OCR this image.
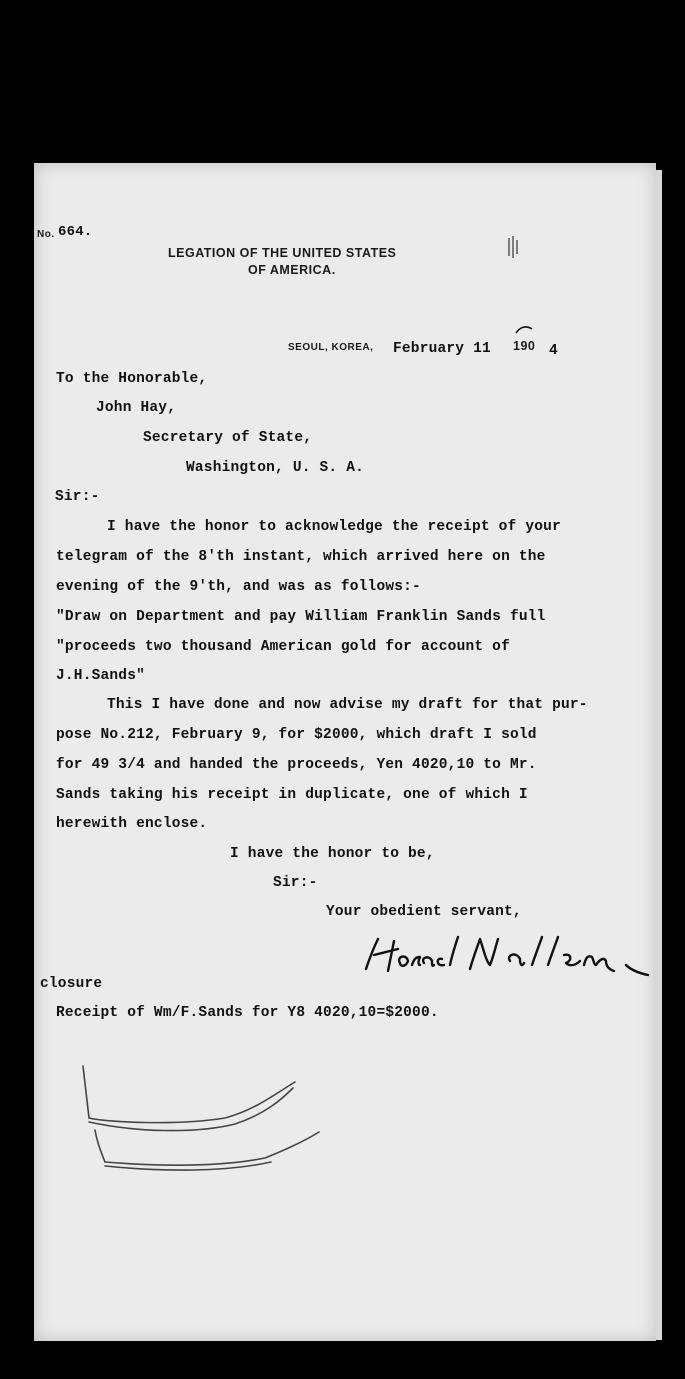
No. 664.
LEGATION OF THE UNITED STATES
OF AMERICA.
SEOUL, KOREA, February 11 190 4
To the Honorable,
John Hay,
Secretary of State,
Washington, U. S. A.
Sir:-
I have the honor to acknowledge the receipt of your
telegram of the 8'th instant, which arrived here on the
evening of the 9'th, and was as follows:-
"Draw on Department and pay William Franklin Sands full
"proceeds two thousand American gold for account of
J.H.Sands"
This I have done and now advise my draft for that pur-
pose No.212, February 9, for $2000, which draft I sold
for 49 3/4 and handed the proceeds, Yen 4020,10 to Mr.
Sands taking his receipt in duplicate, one of which I
herewith enclose.
I have the honor to be,
Sir:-
Your obedient servant,
closure
Receipt of Wm/F.Sands for Y8 4020,10=$2000.
